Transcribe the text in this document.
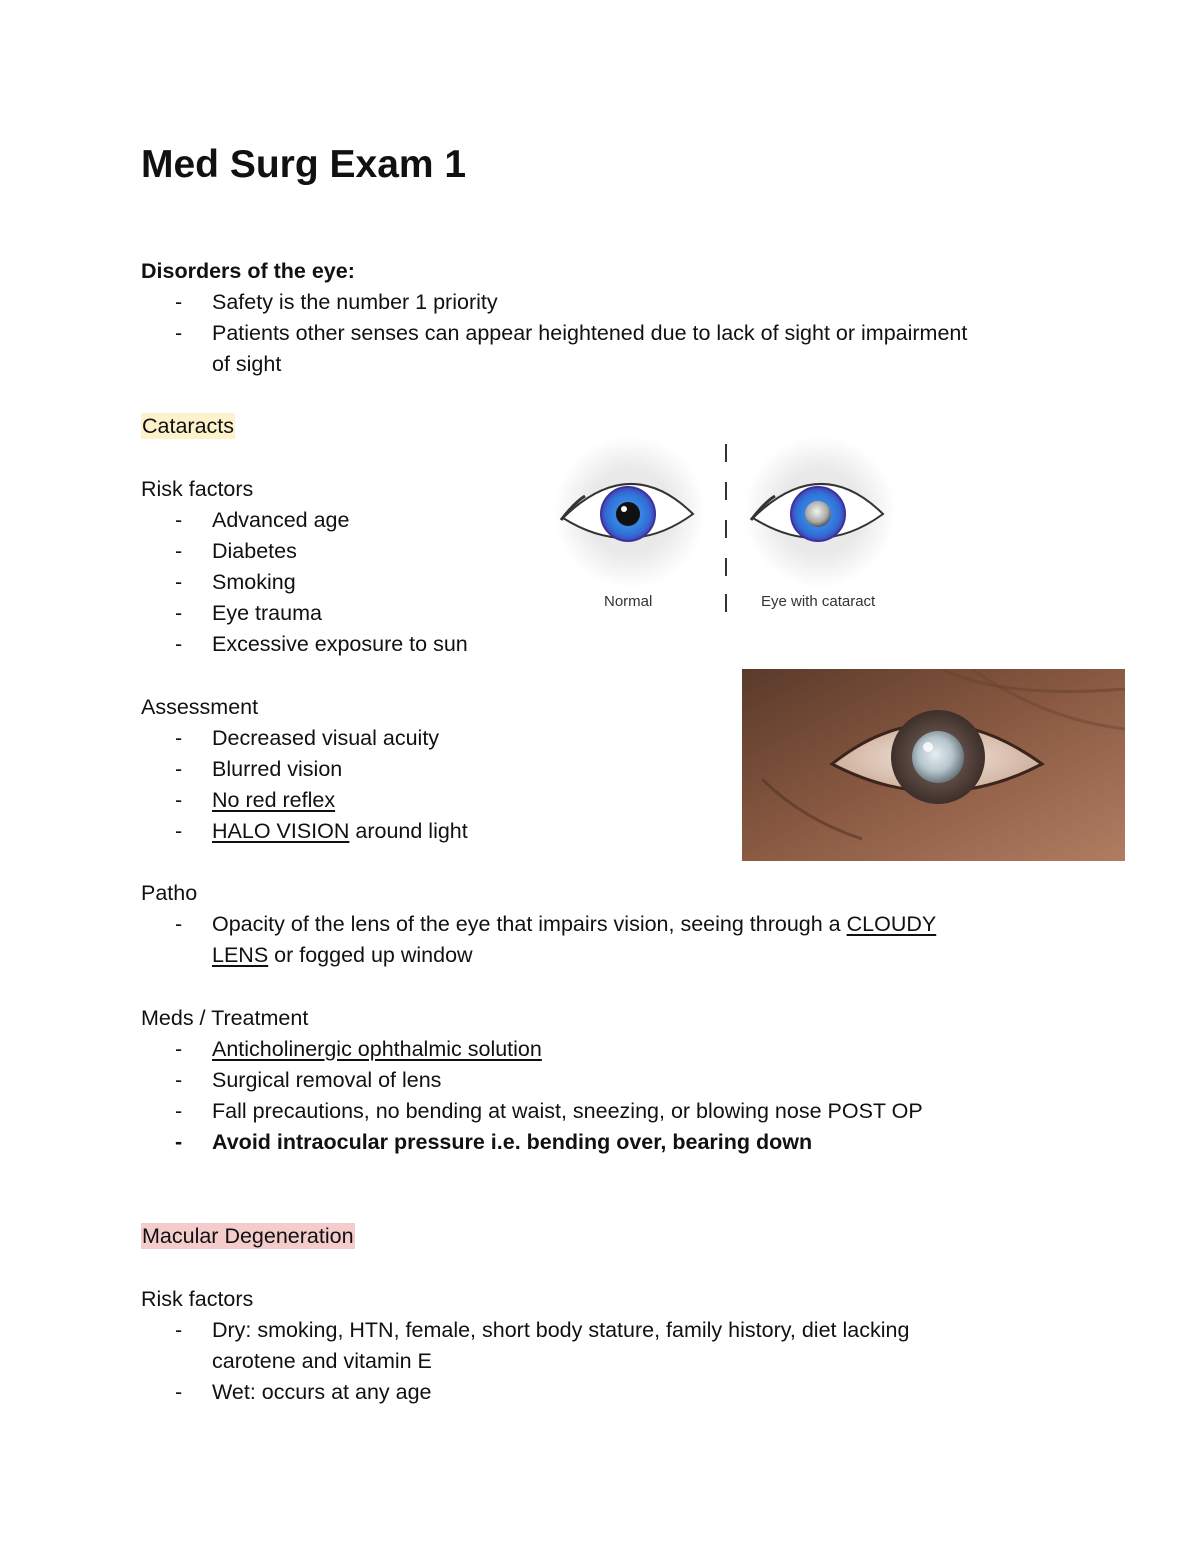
Med Surg Exam 1
Disorders of the eye:
- Safety is the number 1 priority
- Patients other senses can appear heightened due to lack of sight or impairment
of sight
Cataracts
Risk factors
- Advanced age
- Diabetes
- Smoking
- Eye trauma
- Excessive exposure to sun
Assessment
- Decreased visual acuity
- Blurred vision
- No red reflex
- HALO VISION around light
Patho
- Opacity of the lens of the eye that impairs vision, seeing through a CLOUDY
LENS or fogged up window
Meds / Treatment
- Anticholinergic ophthalmic solution
- Surgical removal of lens
- Fall precautions, no bending at waist, sneezing, or blowing nose POST OP
- Avoid intraocular pressure i.e. bending over, bearing down
Macular Degeneration
Risk factors
- Dry: smoking, HTN, female, short body stature, family history, diet lacking
carotene and vitamin E
- Wet: occurs at any age
Normal	Eye with cataract
